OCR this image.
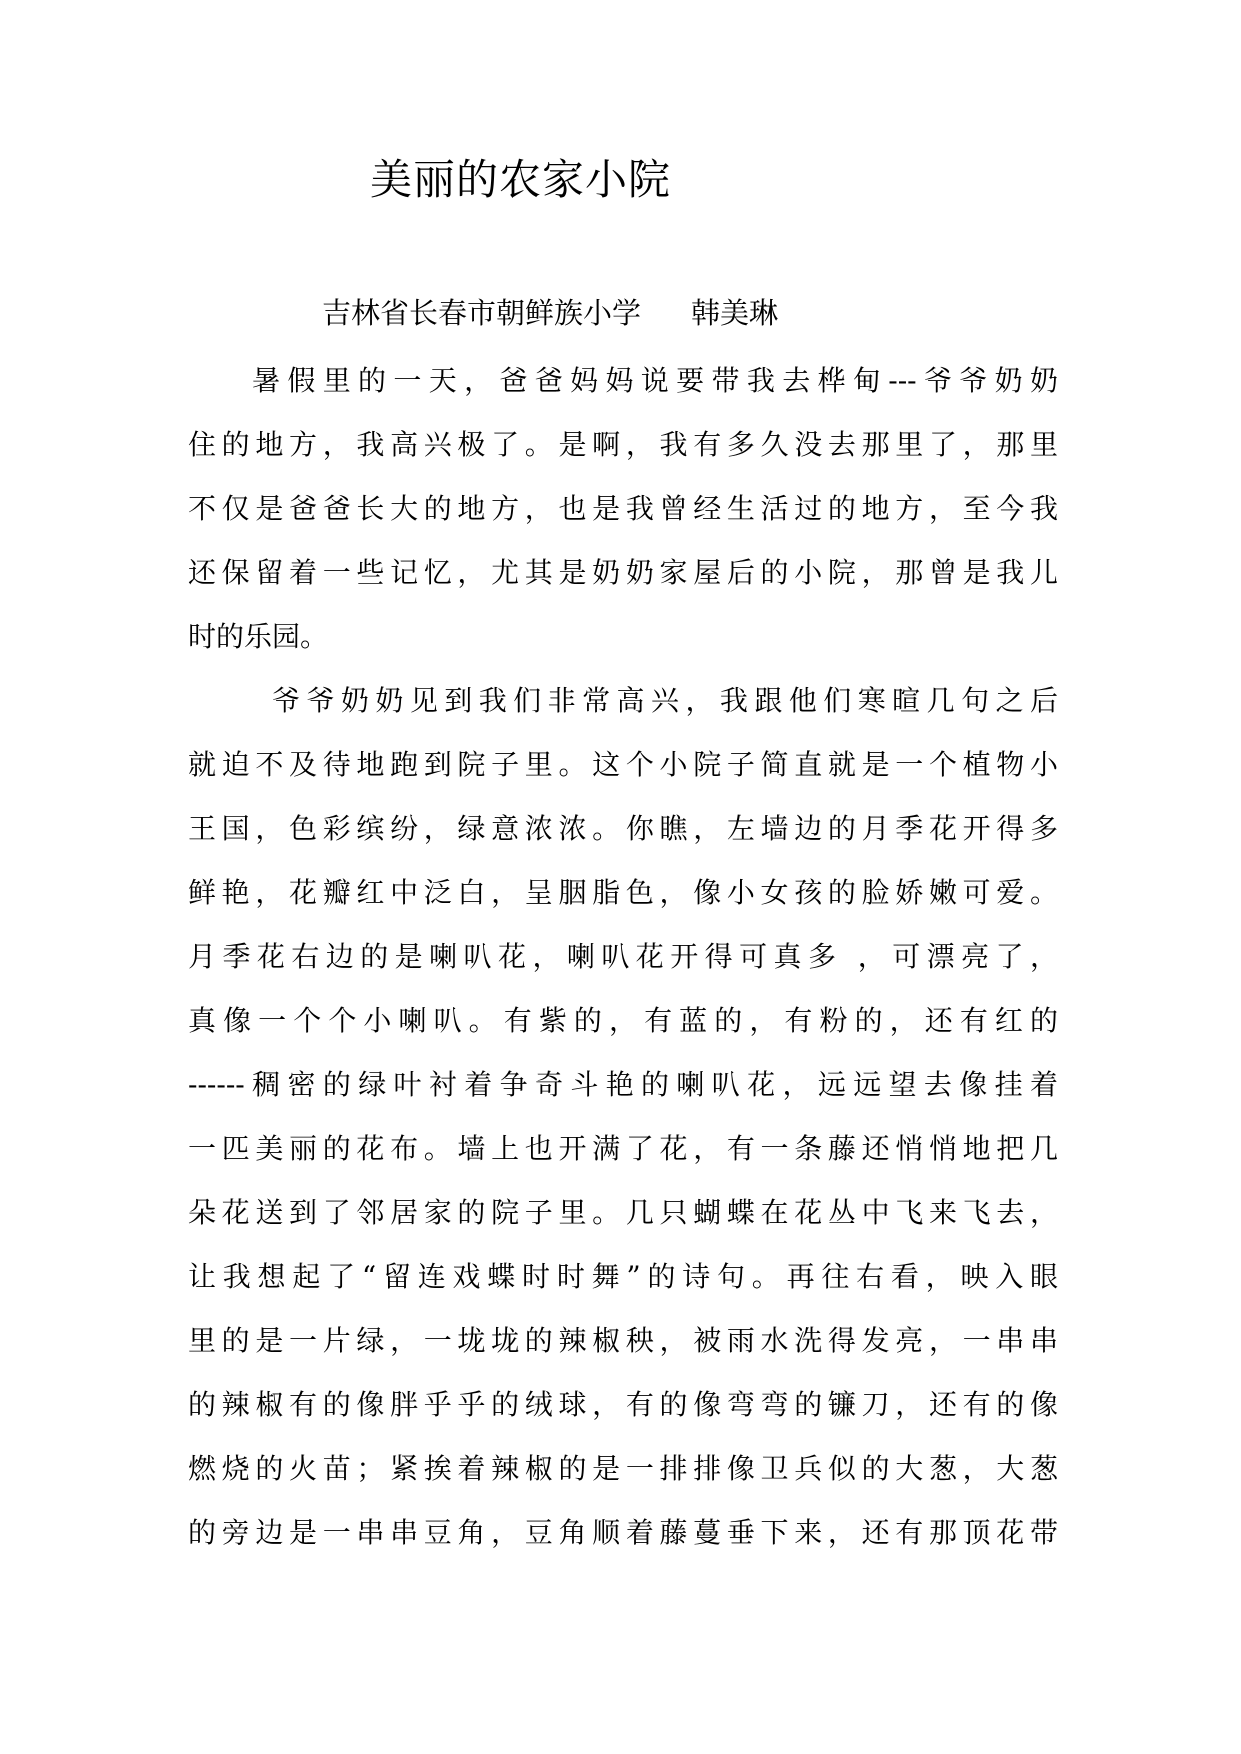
美丽的农家小院
吉林省长春市朝鲜族小学 韩美琳
暑假里的一天，爸爸妈妈说要带我去桦甸---爷爷奶奶
住的地方，我高兴极了。是啊，我有多久没去那里了，那里
不仅是爸爸长大的地方，也是我曾经生活过的地方，至今我
还保留着一些记忆，尤其是奶奶家屋后的小院，那曾是我儿
时的乐园。
爷爷奶奶见到我们非常高兴，我跟他们寒暄几句之后
就迫不及待地跑到院子里。这个小院子简直就是一个植物小
王国，色彩缤纷，绿意浓浓。你瞧，左墙边的月季花开得多
鲜艳，花瓣红中泛白，呈胭脂色，像小女孩的脸娇嫩可爱。
月季花右边的是喇叭花，喇叭花开得可真多 ，可漂亮了，
真像一个个小喇叭。有紫的，有蓝的，有粉的，还有红的
------稠密的绿叶衬着争奇斗艳的喇叭花，远远望去像挂着
一匹美丽的花布。墙上也开满了花，有一条藤还悄悄地把几
朵花送到了邻居家的院子里。几只蝴蝶在花丛中飞来飞去，
让我想起了“留连戏蝶时时舞”的诗句。再往右看，映入眼
里的是一片绿，一垅垅的辣椒秧，被雨水洗得发亮，一串串
的辣椒有的像胖乎乎的绒球，有的像弯弯的镰刀，还有的像
燃烧的火苗；紧挨着辣椒的是一排排像卫兵似的大葱，大葱
的旁边是一串串豆角，豆角顺着藤蔓垂下来，还有那顶花带
